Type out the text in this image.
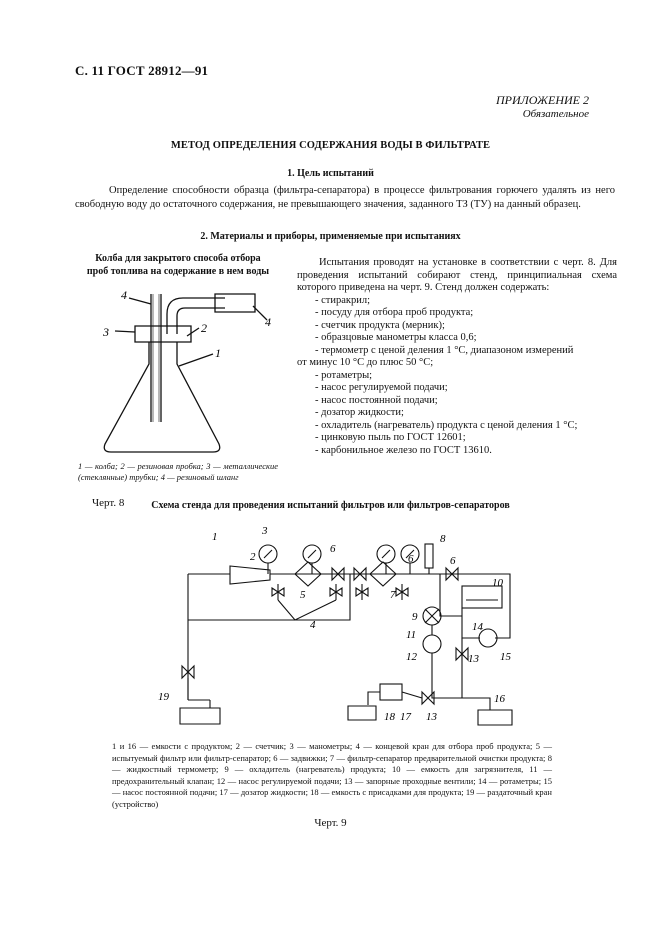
С. 11 ГОСТ 28912—91
ПРИЛОЖЕНИЕ 2
Обязательное
МЕТОД ОПРЕДЕЛЕНИЯ СОДЕРЖАНИЯ ВОДЫ В ФИЛЬТРАТЕ
1. Цель испытаний
Определение способности образца (фильтра-сепаратора) в процессе фильтрования горючего удалять из него свободную воду до остаточного содержания, не превышающего значения, заданного ТЗ (ТУ) на данный образец.
2. Материалы и приборы, применяемые при испытаниях
Колба для закрытого способа отбора
проб топлива на содержание в нем воды
4
3	2
1
4
1 — колба; 2 — резиновая пробка; 3 — металлические (стеклянные) трубки; 4 — резиновый шланг
Черт. 8

Испытания проводят на установке в соответствии с черт. 8. Для проведения испытаний собирают стенд, принципиальная схема которого приведена на черт. 9. Стенд должен содержать:

- стиракрил;
- посуду для отбора проб продукта;
- счетчик продукта (мерник);
- образцовые манометры класса 0,6;
- термометр с ценой деления 1 °С, диапазоном измерений
от минус 10 °С до плюс 50 °С;
- ротаметры;
- насос регулируемой подачи;
- насос постоянной подачи;
- дозатор жидкости;
- охладитель (нагреватель) продукта с ценой деления 1 °С;
- цинковую пыль по ГОСТ 12601;
- карбонильное железо по ГОСТ 13610.
Схема стенда для проведения испытаний фильтров или фильтров-сепараторов
1
2
3
4
5
6
6	6
7
8
9
10
11
12	13
13
14
15
16
17
18
19
1 и 16 — емкости с продуктом; 2 — счетчик; 3 — манометры; 4 — концевой кран для отбора проб продукта; 5 — испытуемый фильтр или фильтр-сепаратор; 6 — задвижки; 7 — фильтр-сепаратор предварительной очистки продукта; 8 — жидкостный термометр; 9 — охладитель (нагреватель) продукта; 10 — емкость для загрязнителя, 11 — предохранительный клапан; 12 — насос регулируемой подачи; 13 — запорные проходные вентили; 14 — ротаметры; 15 — насос постоянной подачи; 17 — дозатор жидкости; 18 — емкость с присадками для продукта; 19 — раздаточный кран (устройство)
Черт. 9
